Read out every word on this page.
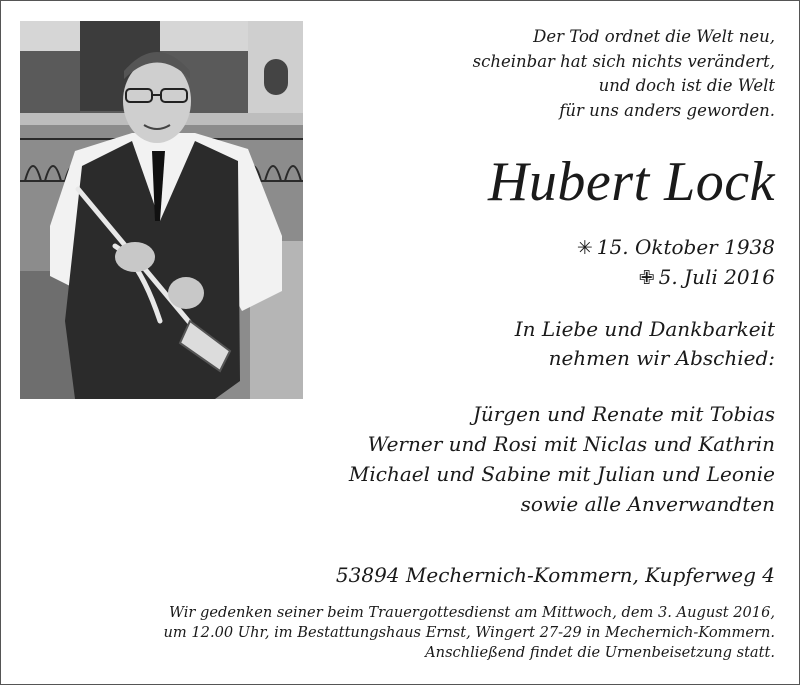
Der Tod ordnet die Welt neu,
scheinbar hat sich nichts verändert,
und doch ist die Welt
für uns anders geworden.
Hubert Lock
✳ 15. Oktober 1938
✙ 5. Juli 2016
In Liebe und Dankbarkeit
nehmen wir Abschied:
Jürgen und Renate mit Tobias
Werner und Rosi mit Niclas und Kathrin
Michael und Sabine mit Julian und Leonie
sowie alle Anverwandten
53894 Mechernich-Kommern, Kupferweg 4
Wir gedenken seiner beim Trauergottesdienst am Mittwoch, dem 3. August 2016,
um 12.00 Uhr, im Bestattungshaus Ernst, Wingert 27-29 in Mechernich-Kommern.
Anschließend findet die Urnenbeisetzung statt.
